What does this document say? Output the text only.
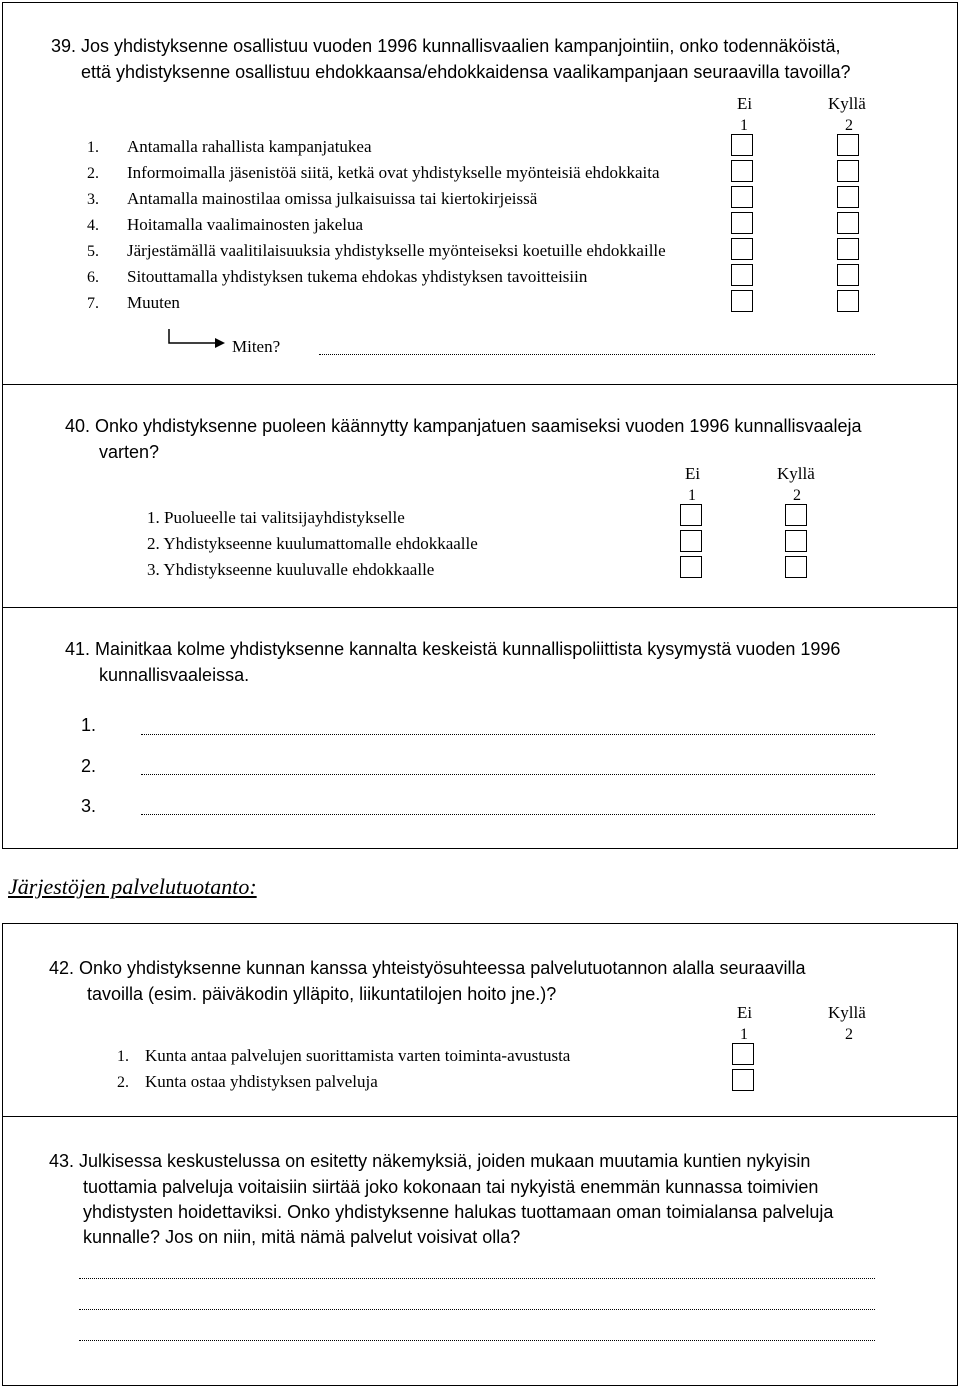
39. Jos yhdistyksenne osallistuu vuoden 1996 kunnallisvaalien kampanjointiin, onko todennäköistä,
että yhdistyksenne osallistuu ehdokkaansa/ehdokkaidensa vaalikampanjaan seuraavilla tavoilla?
Ei	Kyllä
1	2
1. Antamalla rahallista kampanjatukea
2. Informoimalla jäsenistöä siitä, ketkä ovat yhdistykselle myönteisiä ehdokkaita
3. Antamalla mainostilaa omissa julkaisuissa tai kiertokirjeissä
4. Hoitamalla vaalimainosten jakelua
5. Järjestämällä vaalitilaisuuksia yhdistykselle myönteiseksi koetuille ehdokkaille
6. Sitouttamalla yhdistyksen tukema ehdokas yhdistyksen tavoitteisiin
7. Muuten
Miten?
40. Onko yhdistyksenne puoleen käännytty kampanjatuen saamiseksi vuoden 1996 kunnallisvaaleja
varten?
Ei	Kyllä
1	2
1. Puolueelle tai valitsijayhdistykselle
2. Yhdistykseenne kuulumattomalle ehdokkaalle
3. Yhdistykseenne kuuluvalle ehdokkaalle
41. Mainitkaa kolme yhdistyksenne kannalta keskeistä kunnallispoliittista kysymystä vuoden 1996
kunnallisvaaleissa.
1.
2.
3.
Järjestöjen palvelutuotanto:
42. Onko yhdistyksenne kunnan kanssa yhteistyösuhteessa palvelutuotannon alalla seuraavilla
tavoilla (esim. päiväkodin ylläpito, liikuntatilojen hoito jne.)?
Ei	Kyllä
1	2
1. Kunta antaa palvelujen suorittamista varten toiminta-avustusta
2. Kunta ostaa yhdistyksen palveluja
43. Julkisessa keskustelussa on esitetty näkemyksiä, joiden mukaan muutamia kuntien nykyisin
tuottamia palveluja voitaisiin siirtää joko kokonaan tai nykyistä enemmän kunnassa toimivien
yhdistysten hoidettaviksi. Onko yhdistyksenne halukas tuottamaan oman toimialansa palveluja
kunnalle? Jos on niin, mitä nämä palvelut voisivat olla?
